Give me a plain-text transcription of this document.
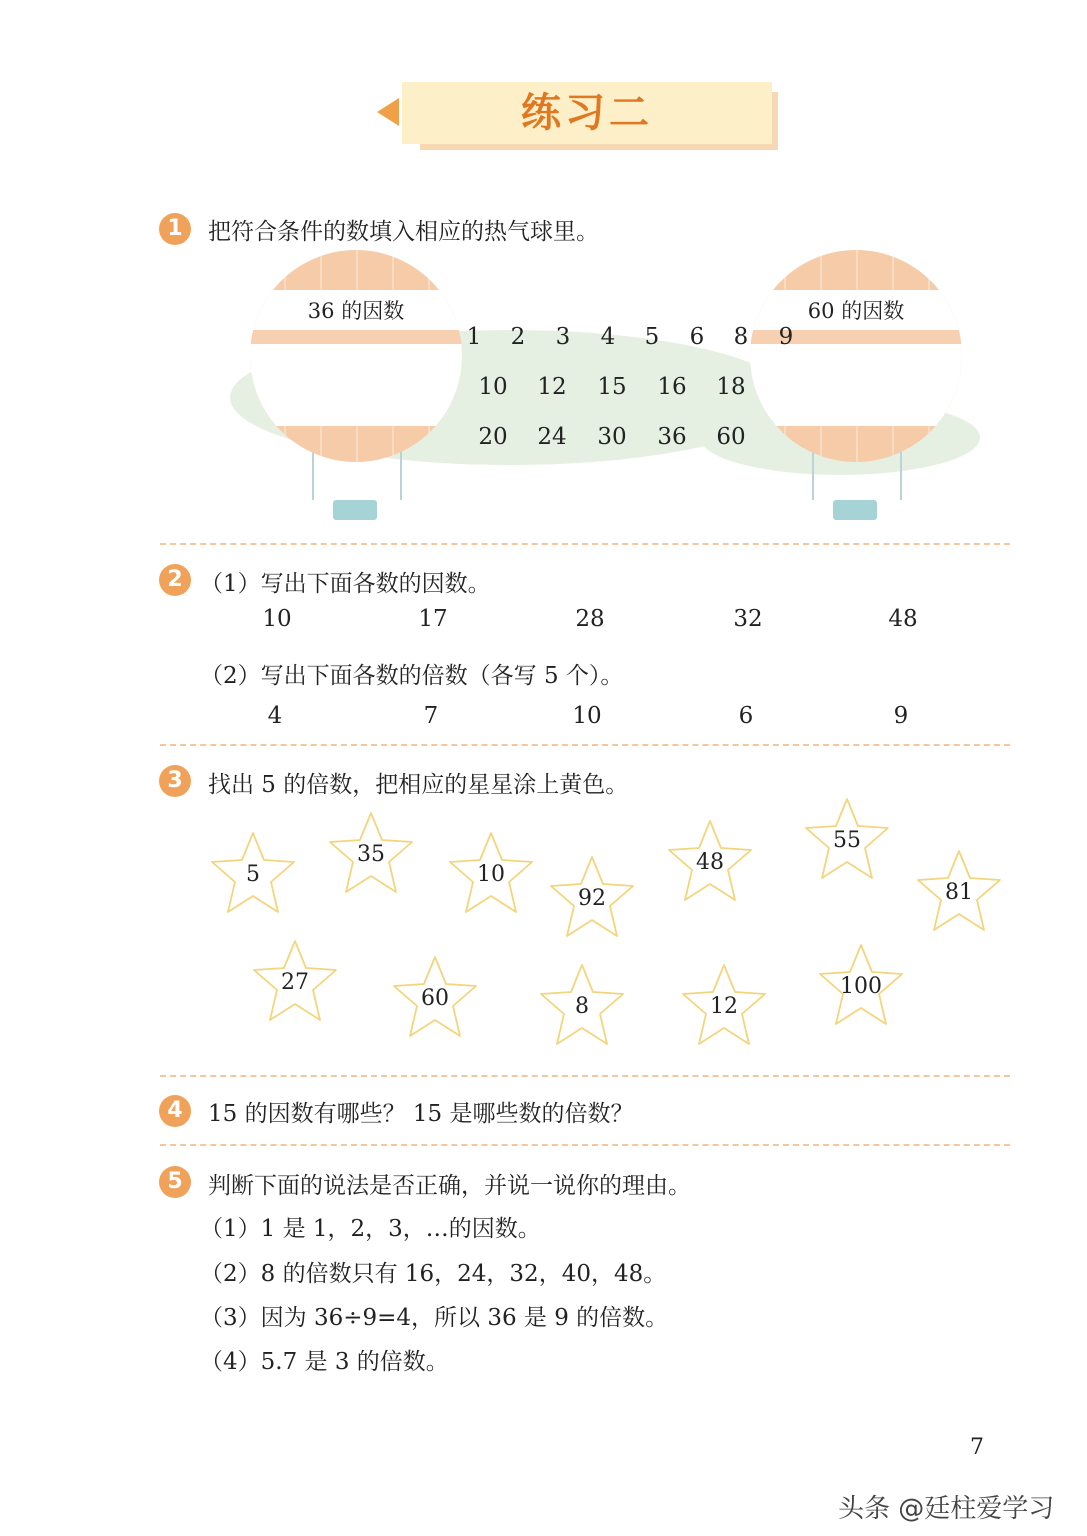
练习二
1	把符合条件的数填入相应的热气球里。
36 的因数	60 的因数
1	2	3	4	5	6	8	9
10	12	15	16	18
20	24	30	36	60
2 （1）写出下面各数的因数。
10	17	28	32	48
（2）写出下面各数的倍数（各写 5 个）。
4	7	10	6	9
3	找出 5 的倍数，把相应的星星涂上黄色。
5
35
10
92
48
55
81
27
60	8	12
100
4	15 的因数有哪些？ 15 是哪些数的倍数？
5	判断下面的说法是否正确，并说一说你的理由。
（1）1 是 1，2，3，…的因数。
（2）8 的倍数只有 16，24，32，40，48。
（3）因为 36÷9=4，所以 36 是 9 的倍数。
（4）5.7 是 3 的倍数。
7
头条 @廷柱爱学习
